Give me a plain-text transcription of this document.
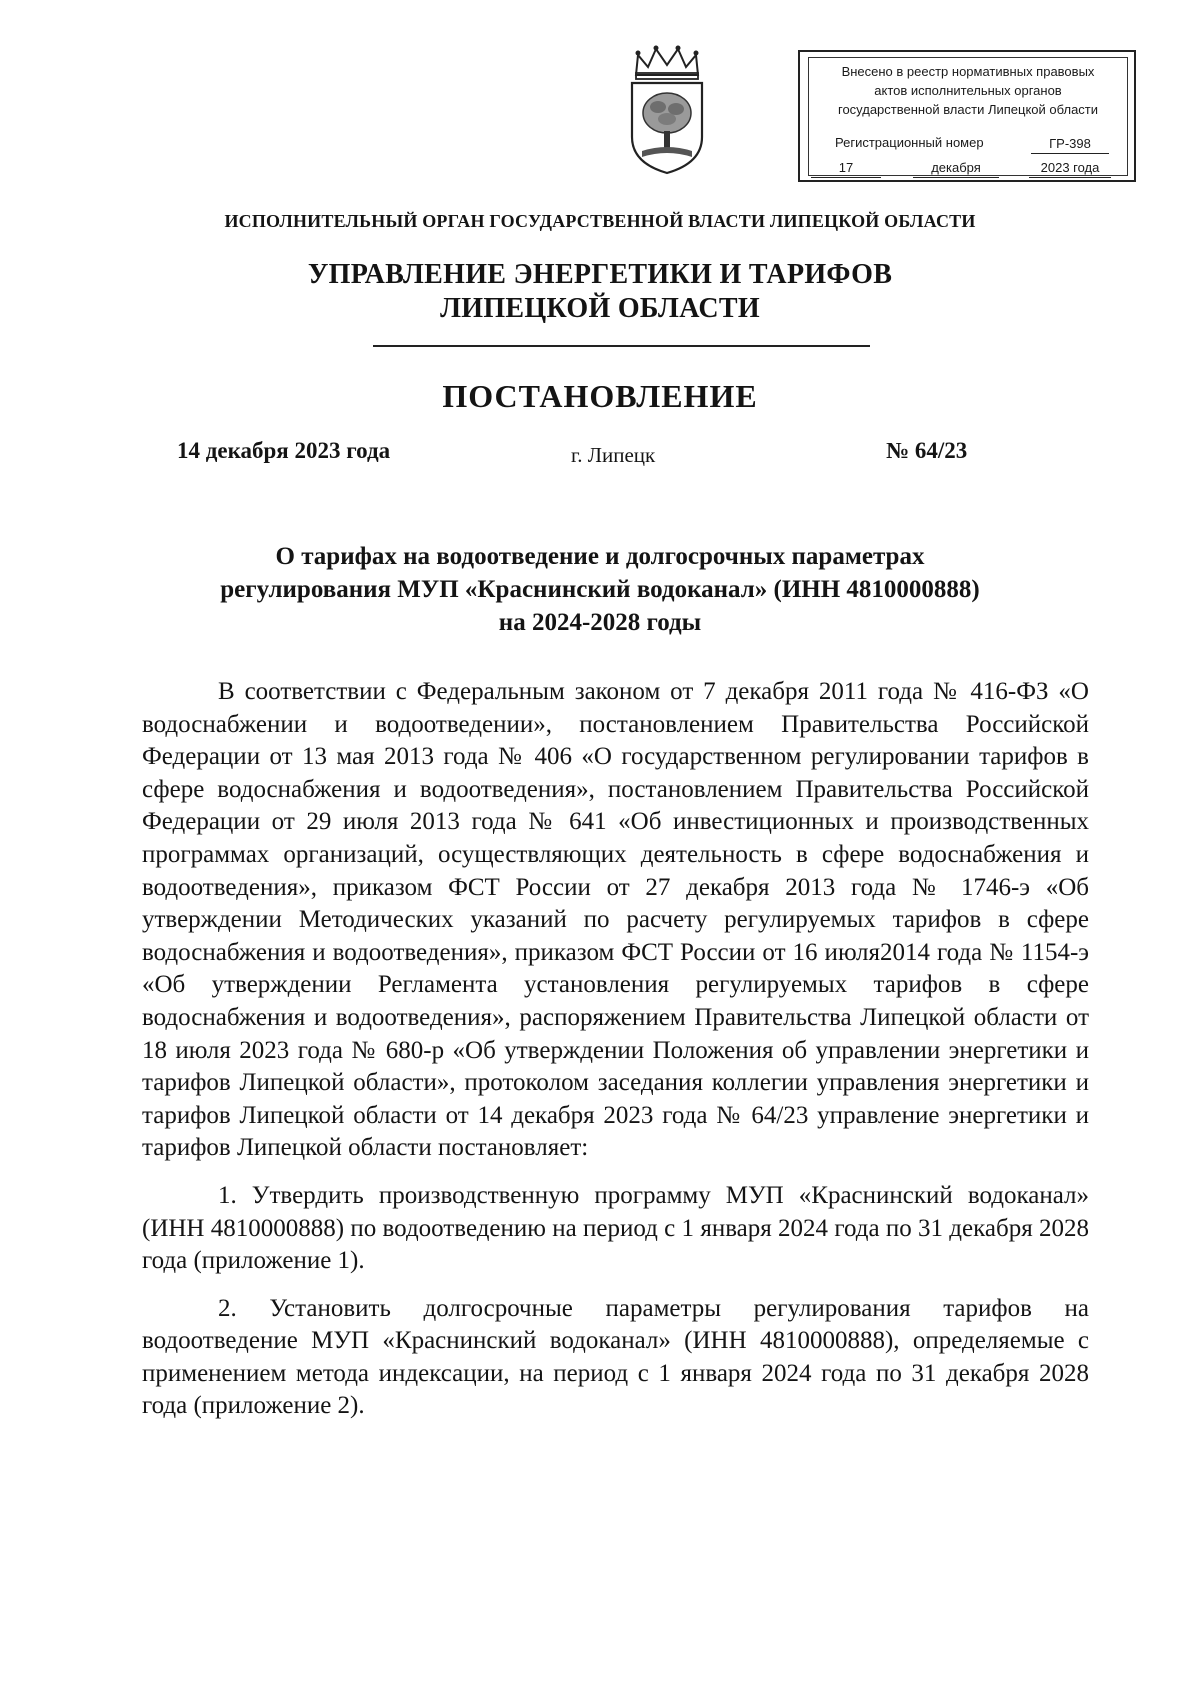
Внесено в реестр нормативных правовых
актов исполнительных органов
государственной власти Липецкой области
Регистрационный номер	ГР-398
17	декабря	2023 года
ИСПОЛНИТЕЛЬНЫЙ ОРГАН ГОСУДАРСТВЕННОЙ ВЛАСТИ ЛИПЕЦКОЙ ОБЛАСТИ
УПРАВЛЕНИЕ ЭНЕРГЕТИКИ И ТАРИФОВ
ЛИПЕЦКОЙ ОБЛАСТИ
ПОСТАНОВЛЕНИЕ
14 декабря 2023 года	г. Липецк	№ 64/23
О тарифах на водоотведение и долгосрочных параметрах
регулирования МУП «Краснинский водоканал» (ИНН 4810000888)
на 2024-2028 годы

В соответствии с Федеральным законом от 7 декабря 2011 года № 416-ФЗ «О водоснабжении и водоотведении», постановлением Правительства Российской Федерации от 13 мая 2013 года № 406 «О государственном регулировании тарифов в сфере водоснабжения и водоотведения», постановлением Правительства Российской Федерации от 29 июля 2013 года № 641 «Об инвестиционных и производственных программах организаций, осуществляющих деятельность в сфере водоснабжения и водоотведения», приказом ФСТ России от 27 декабря 2013 года № 1746-э «Об утверждении Методических указаний по расчету регулируемых тарифов в сфере водоснабжения и водоотведения», приказом ФСТ России от 16 июля2014 года № 1154-э «Об утверждении Регламента установления регулируемых тарифов в сфере водоснабжения и водоотведения», распоряжением Правительства Липецкой области от 18 июля 2023 года № 680-р «Об утверждении Положения об управлении энергетики и тарифов Липецкой области», протоколом заседания коллегии управления энергетики и тарифов Липецкой области от 14 декабря 2023 года № 64/23 управление энергетики и тарифов Липецкой области постановляет:

1. Утвердить производственную программу МУП «Краснинский водоканал» (ИНН 4810000888) по водоотведению на период с 1 января 2024 года по 31 декабря 2028 года (приложение 1).

2. Установить долгосрочные параметры регулирования тарифов на водоотведение МУП «Краснинский водоканал» (ИНН 4810000888), определяемые с применением метода индексации, на период с 1 января 2024 года по 31 декабря 2028 года (приложение 2).
